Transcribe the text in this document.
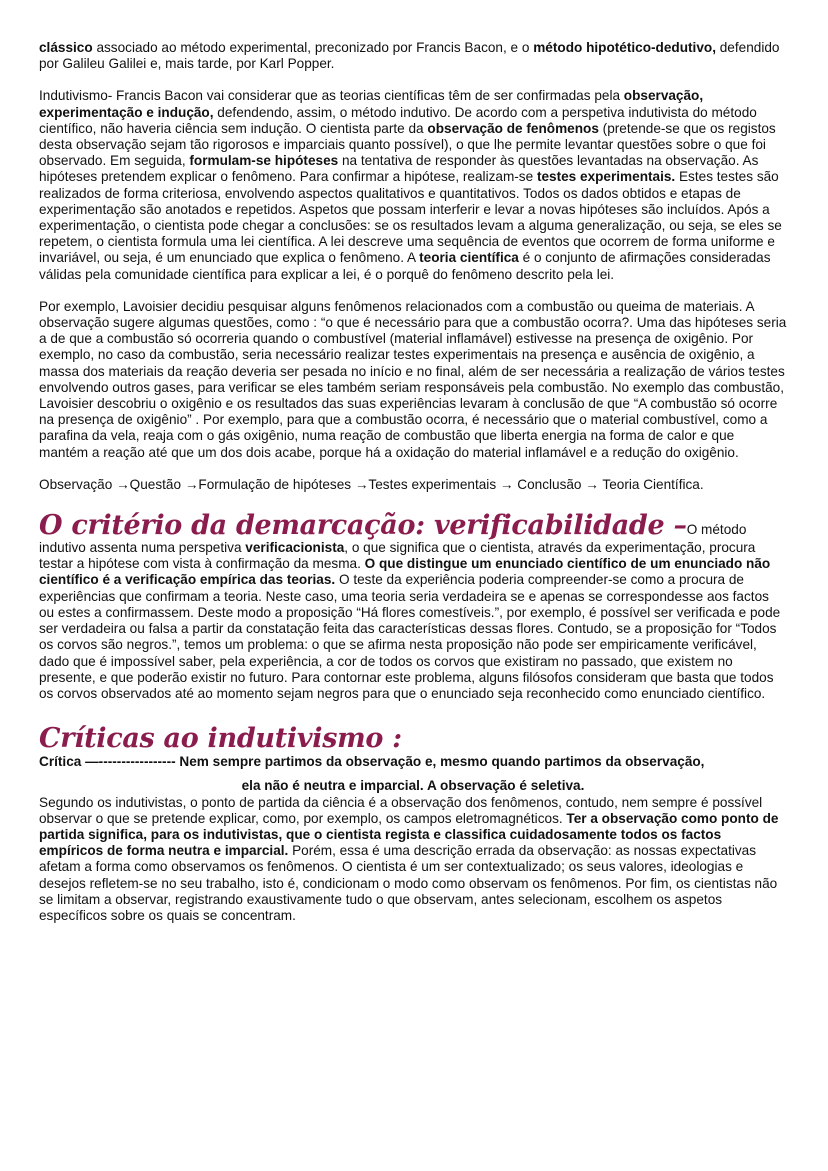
clássico associado ao método experimental, preconizado por Francis Bacon, e o método hipotético-dedutivo, defendido por Galileu Galilei e, mais tarde, por Karl Popper.

Indutivismo- Francis Bacon vai considerar que as teorias científicas têm de ser confirmadas pela observação, experimentação e indução, defendendo, assim, o método indutivo. De acordo com a perspetiva indutivista do método científico, não haveria ciência sem indução. O cientista parte da observação de fenômenos (pretende-se que os registos desta observação sejam tão rigorosos e imparciais quanto possível), o que lhe permite levantar questões sobre o que foi observado. Em seguida, formulam-se hipóteses na tentativa de responder às questões levantadas na observação. As hipóteses pretendem explicar o fenômeno. Para confirmar a hipótese, realizam-se testes experimentais. Estes testes são realizados de forma criteriosa, envolvendo aspectos qualitativos e quantitativos. Todos os dados obtidos e etapas de experimentação são anotados e repetidos. Aspetos que possam interferir e levar a novas hipóteses são incluídos. Após a experimentação, o cientista pode chegar a conclusões: se os resultados levam a alguma generalização, ou seja, se eles se repetem, o cientista formula uma lei científica. A lei descreve uma sequência de eventos que ocorrem de forma uniforme e invariável, ou seja, é um enunciado que explica o fenômeno. A teoria científica é o conjunto de afirmações consideradas válidas pela comunidade científica para explicar a lei, é o porquê do fenômeno descrito pela lei.

Por exemplo, Lavoisier decidiu pesquisar alguns fenômenos relacionados com a combustão ou queima de materiais. A observação sugere algumas questões, como : “o que é necessário para que a combustão ocorra?. Uma das hipóteses seria a de que a combustão só ocorreria quando o combustível (material inflamável) estivesse na presença de oxigênio. Por exemplo, no caso da combustão, seria necessário realizar testes experimentais na presença e ausência de oxigênio, a massa dos materiais da reação deveria ser pesada no início e no final, além de ser necessária a realização de vários testes envolvendo outros gases, para verificar se eles também seriam responsáveis pela combustão. No exemplo das combustão, Lavoisier descobriu o oxigênio e os resultados das suas experiências levaram à conclusão de que “A combustão só ocorre na presença de oxigênio” . Por exemplo, para que a combustão ocorra, é necessário que o material combustível, como a parafina da vela, reaja com o gás oxigênio, numa reação de combustão que liberta energia na forma de calor e que mantém a reação até que um dos dois acabe, porque há a oxidação do material inflamável e a redução do oxigênio.

Observação →Questão →Formulação de hipóteses →Testes experimentais → Conclusão → Teoria Científica.

O critério da demarcação: verificabilidade –O método indutivo assenta numa perspetiva verificacionista, o que significa que o cientista, através da experimentação, procura testar a hipótese com vista à confirmação da mesma. O que distingue um enunciado científico de um enunciado não científico é a verificação empírica das teorias. O teste da experiência poderia compreender-se como a procura de experiências que confirmam a teoria. Neste caso, uma teoria seria verdadeira se e apenas se correspondesse aos factos ou estes a confirmassem. Deste modo a proposição “Há flores comestíveis.”, por exemplo, é possível ser verificada e pode ser verdadeira ou falsa a partir da constatação feita das características dessas flores. Contudo, se a proposição for “Todos os corvos são negros.”, temos um problema: o que se afirma nesta proposição não pode ser empiricamente verificável, dado que é impossível saber, pela experiência, a cor de todos os corvos que existiram no passado, que existem no presente, e que poderão existir no futuro. Para contornar este problema, alguns filósofos consideram que basta que todos os corvos observados até ao momento sejam negros para que o enunciado seja reconhecido como enunciado científico.

Críticas ao indutivismo :

Crítica —----------------- Nem sempre partimos da observação e, mesmo quando partimos da observação,

ela não é neutra e imparcial. A observação é seletiva.

Segundo os indutivistas, o ponto de partida da ciência é a observação dos fenômenos, contudo, nem sempre é possível observar o que se pretende explicar, como, por exemplo, os campos eletromagnéticos. Ter a observação como ponto de partida significa, para os indutivistas, que o cientista regista e classifica cuidadosamente todos os factos empíricos de forma neutra e imparcial. Porém, essa é uma descrição errada da observação: as nossas expectativas afetam a forma como observamos os fenômenos. O cientista é um ser contextualizado; os seus valores, ideologias e desejos refletem-se no seu trabalho, isto é, condicionam o modo como observam os fenômenos. Por fim, os cientistas não se limitam a observar, registrando exaustivamente tudo o que observam, antes selecionam, escolhem os aspetos específicos sobre os quais se concentram.
